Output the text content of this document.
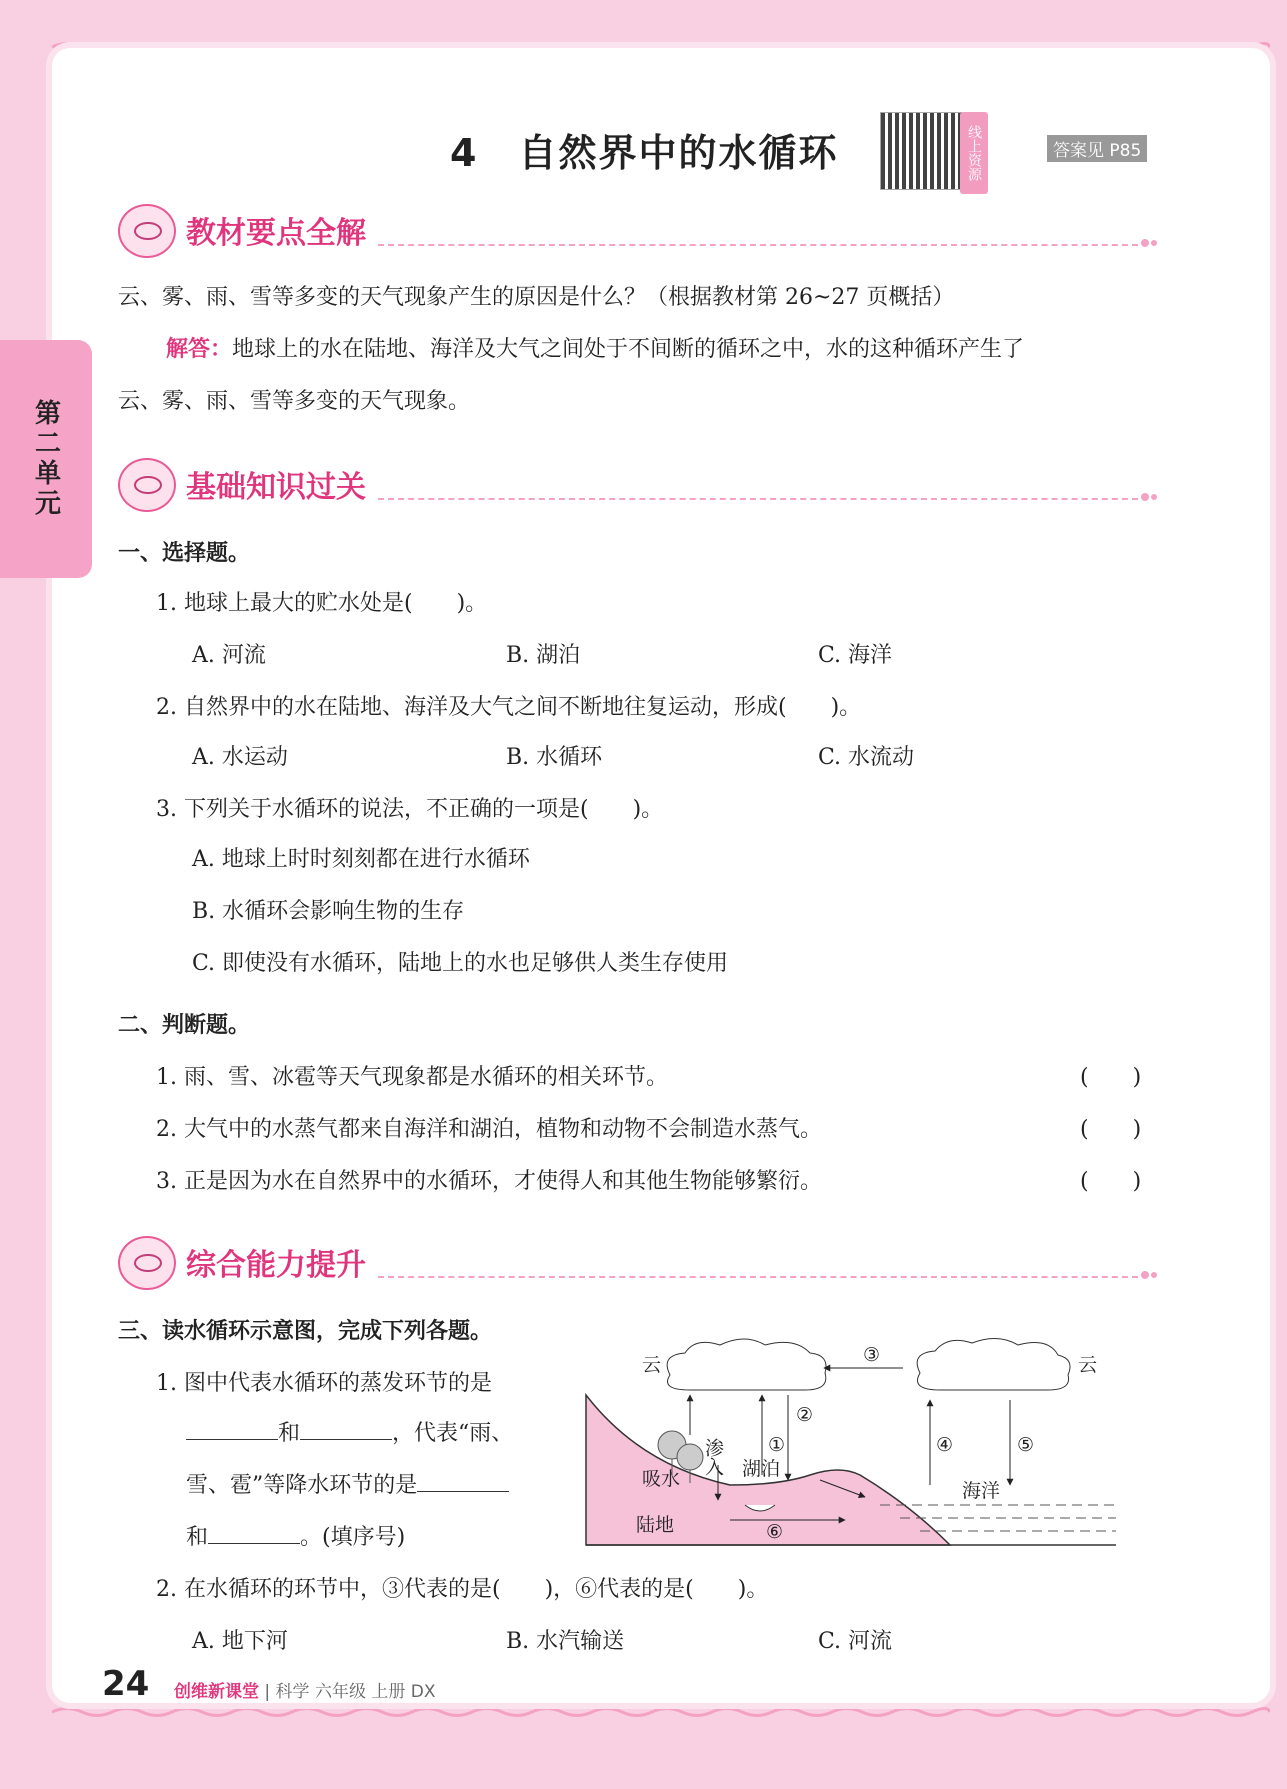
第二单元
4　自然界中的水循环	线上资源	答案见 P85
教材要点全解
云、雾、雨、雪等多变的天气现象产生的原因是什么？（根据教材第 26~27 页概括）
解答：地球上的水在陆地、海洋及大气之间处于不间断的循环之中，水的这种循环产生了
云、雾、雨、雪等多变的天气现象。
基础知识过关
一、选择题。
1. 地球上最大的贮水处是(　　)。
A. 河流	B. 湖泊	C. 海洋
2. 自然界中的水在陆地、海洋及大气之间不断地往复运动，形成(　　)。
A. 水运动	B. 水循环	C. 水流动
3. 下列关于水循环的说法，不正确的一项是(　　)。
A. 地球上时时刻刻都在进行水循环
B. 水循环会影响生物的生存
C. 即使没有水循环，陆地上的水也足够供人类生存使用
二、判断题。
1. 雨、雪、冰雹等天气现象都是水循环的相关环节。	(　　)
2. 大气中的水蒸气都来自海洋和湖泊，植物和动物不会制造水蒸气。	(　　)
3. 正是因为水在自然界中的水循环，才使得人和其他生物能够繁衍。	(　　)
综合能力提升
三、读水循环示意图，完成下列各题。
1. 图中代表水循环的蒸发环节的是
和	，代表“雨、
雪、雹”等降水环节的是
和	。(填序号)
2. 在水循环的环节中，③代表的是(　　)，⑥代表的是(　　)。
A. 地下河	B. 水汽输送	C. 河流
云	云
③
②
①	④	⑤
⑥
渗入 湖泊
吸水
陆地
海洋
24 创维新课堂 | 科学 六年级 上册 DX
